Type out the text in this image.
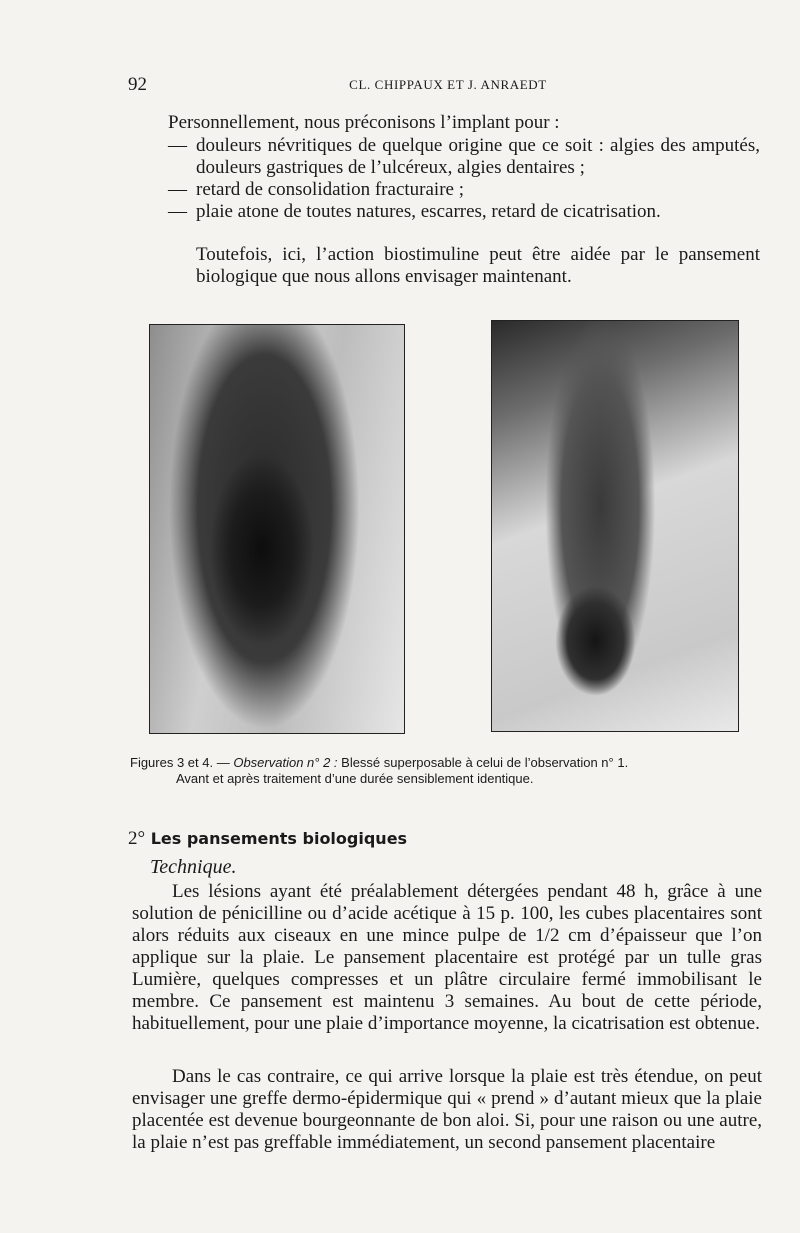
92	CL. CHIPPAUX ET J. ANRAEDT

Personnellement, nous préconisons l’implant pour :

— douleurs névritiques de quelque origine que ce soit : algies des amputés, douleurs gastriques de l’ulcéreux, algies dentaires ;
— retard de consolidation fracturaire ;
— plaie atone de toutes natures, escarres, retard de cicatrisation.

Toutefois, ici, l’action biostimuline peut être aidée par le pansement biologique que nous allons envisager maintenant.

Figures 3 et 4. — Observation n° 2 : Blessé superposable à celui de l’observation n° 1.
Avant et après traitement d’une durée sensiblement identique.
2° Les pansements biologiques
Technique.

Les lésions ayant été préalablement détergées pendant 48 h, grâce à une solution de pénicilline ou d’acide acétique à 15 p. 100, les cubes placentaires sont alors réduits aux ciseaux en une mince pulpe de 1/2 cm d’épaisseur que l’on applique sur la plaie. Le pansement placentaire est protégé par un tulle gras Lumière, quelques compresses et un plâtre circulaire fermé immobilisant le membre. Ce pansement est maintenu 3 semaines. Au bout de cette période, habituellement, pour une plaie d’importance moyenne, la cicatrisation est obtenue.

Dans le cas contraire, ce qui arrive lorsque la plaie est très étendue, on peut envisager une greffe dermo-épidermique qui « prend » d’autant mieux que la plaie placentée est devenue bourgeonnante de bon aloi. Si, pour une raison ou une autre, la plaie n’est pas greffable immédiatement, un second pansement placentaire
